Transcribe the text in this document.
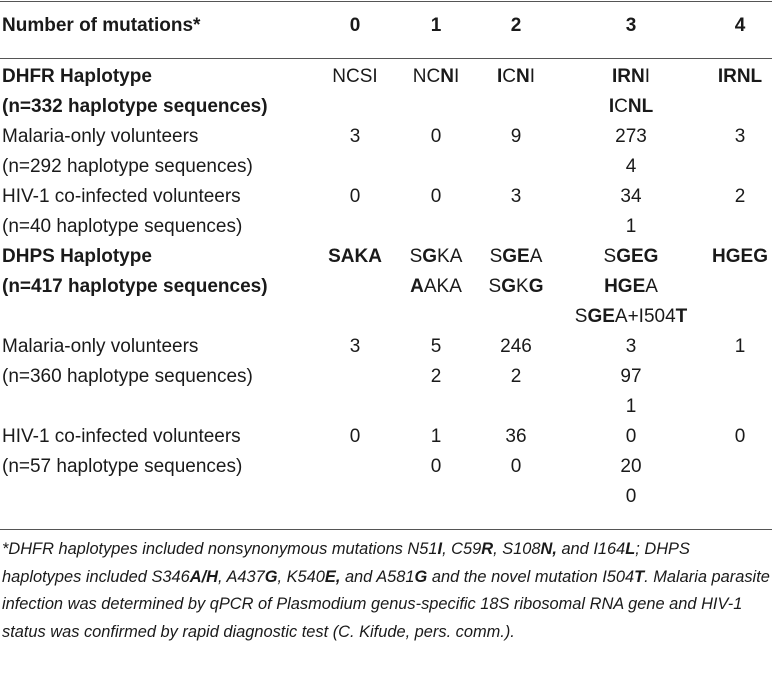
Number of mutations*	0	1	2	3	4
DHFR Haplotype	NCSI	NCNI	ICNI	IRNI	IRNL
(n=332 haplotype sequences)				ICNL	
Malaria-only volunteers	3	0	9	273	3
(n=292 haplotype sequences)				4	
HIV-1 co-infected volunteers	0	0	3	34	2
(n=40 haplotype sequences)				1	
DHPS Haplotype	SAKA	SGKA	SGEA	SGEG	HGEG
(n=417 haplotype sequences)		AAKA	SGKG	HGEA	
				SGEA+I504T	
Malaria-only volunteers	3	5	246	3	1
(n=360 haplotype sequences)		2	2	97	
				1	
HIV-1 co-infected volunteers	0	1	36	0	0
(n=57 haplotype sequences)		0	0	20	
				0	
*DHFR haplotypes included nonsynonymous mutations N51I, C59R, S108N, and I164L; DHPS haplotypes included S346A/H, A437G, K540E, and A581G and the novel mutation I504T. Malaria parasite infection was determined by qPCR of Plasmodium genus-specific 18S ribosomal RNA gene and HIV-1 status was confirmed by rapid diagnostic test (C. Kifude, pers. comm.).
